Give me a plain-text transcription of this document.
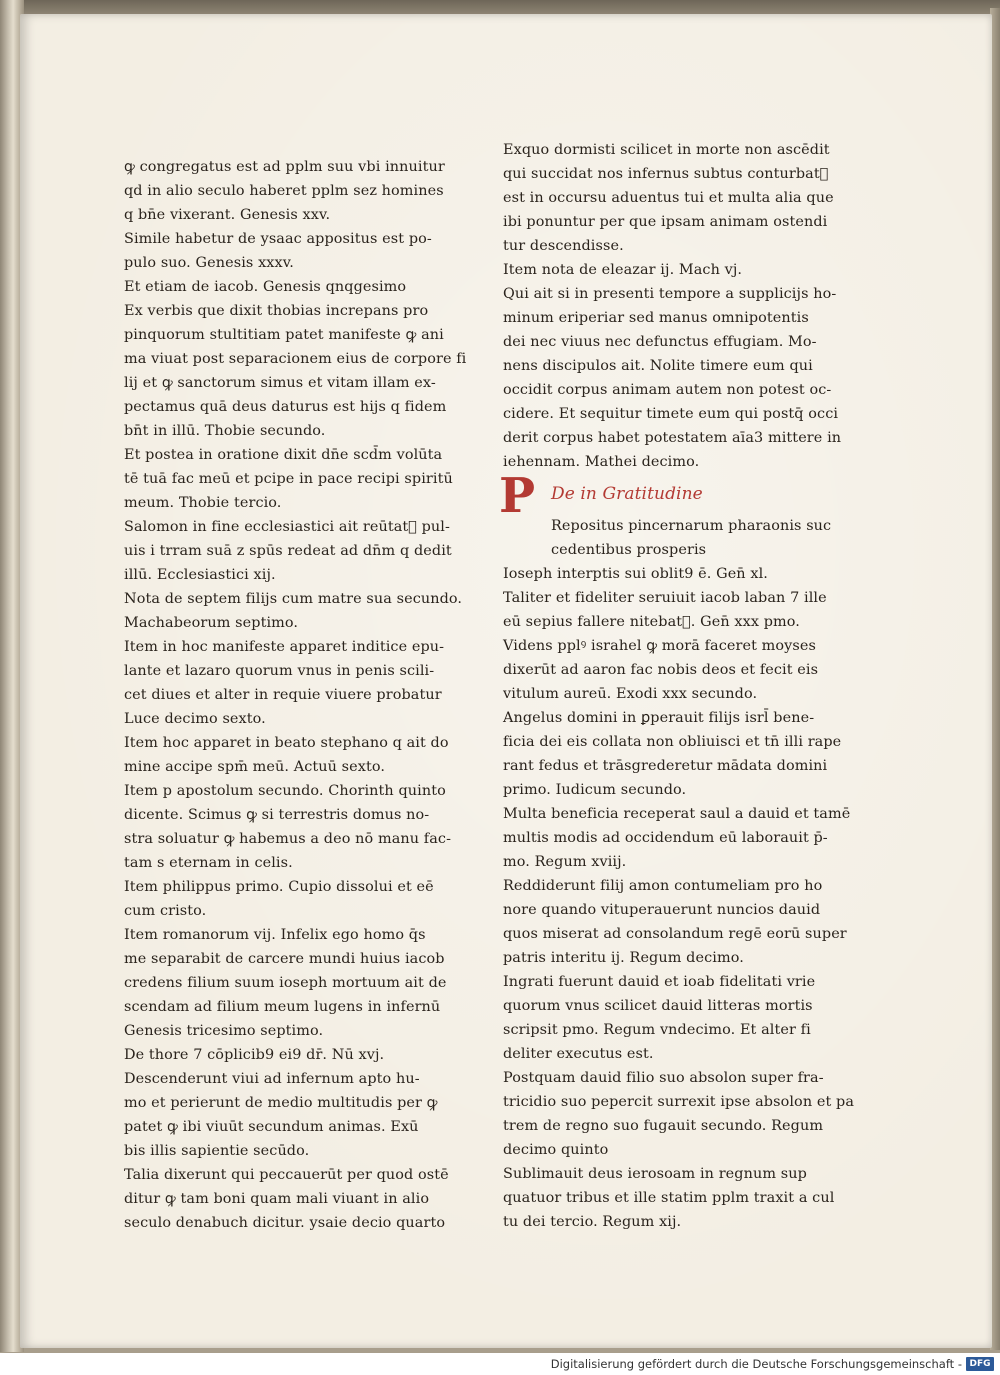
ꝙ congregatus est ad pplm suu vbi innuitur
qd in alio seculo haberet pplm sez homines
q bn̄e vixerant. Genesis xxv.
Simile habetur de ysaac appositus est po-
pulo suo. Genesis xxxv.
Et etiam de iacob. Genesis qnqgesimo
Ex verbis que dixit thobias increpans pro
pinquorum stultitiam patet manifeste ꝙ ani
ma viuat post separacionem eius de corpore fi
lij et ꝙ sanctorum simus et vitam illam ex-
pectamus quā deus daturus est hijs q fidem
bn̄t in illū. Thobie secundo.
Et postea in oratione dixit dn̄e scd̄m volūta
tē tuā fac meū et pcipe in pace recipi spiritū
meum. Thobie tercio.
Salomon in fine ecclesiastici ait reūtat᷑ pul-
uis i trram suā z spūs redeat ad dn̄m q dedit
illū. Ecclesiastici xij.
Nota de septem filijs cum matre sua secundo.
Machabeorum septimo.
Item in hoc manifeste apparet inditice epu-
lante et lazaro quorum vnus in penis scili-
cet diues et alter in requie viuere probatur
Luce decimo sexto.
Item hoc apparet in beato stephano q ait do
mine accipe spm̄ meū. Actuū sexto.
Item p apostolum secundo. Chorinth quinto
dicente. Scimus ꝙ si terrestris domus no-
stra soluatur ꝙ habemus a deo nō manu fac-
tam s eternam in celis.
Item philippus primo. Cupio dissolui et eē
cum cristo.
Item romanorum vij. Infelix ego homo q̄s
me separabit de carcere mundi huius iacob
credens filium suum ioseph mortuum ait de
scendam ad filium meum lugens in infernū
Genesis tricesimo septimo.
De thore 7 cōplicib9 ei9 dr̄. Nū xvj.
Descenderunt viui ad infernum apto hu-
mo et perierunt de medio multitudis per ꝙ
patet ꝙ ibi viuūt secundum animas. Exū
bis illis sapientie secūdo.
Talia dixerunt qui peccauerūt per quod ostē
ditur ꝙ tam boni quam mali viuant in alio
seculo denabuch dicitur. ysaie decio quarto
Exquo dormisti scilicet in morte non ascēdit
qui succidat nos infernus subtus conturbat᷑
est in occursu aduentus tui et multa alia que
ibi ponuntur per que ipsam animam ostendi
tur descendisse.
Item nota de eleazar ij. Mach vj.
Qui ait si in presenti tempore a supplicijs ho-
minum eriperiar sed manus omnipotentis
dei nec viuus nec defunctus effugiam. Mo-
nens discipulos ait. Nolite timere eum qui
occidit corpus animam autem non potest oc-
cidere. Et sequitur timete eum qui postq̄ occi
derit corpus habet potestatem aīa3 mittere in
iehennam. Mathei decimo.
P De in Gratitudine
Repositus pincernarum pharaonis suc
cedentibus prosperis
Ioseph interptis sui oblit9 ē. Gen̄ xl.
Taliter et fideliter seruiuit iacob laban 7 ille
eū sepius fallere nitebat᷑. Gen̄ xxx pmo.
Videns pplꝰ israhel ꝙ morā faceret moyses
dixerūt ad aaron fac nobis deos et fecit eis
vitulum aureū. Exodi xxx secundo.
Angelus domini in ꝑperauit filijs isrl̄ bene-
ficia dei eis collata non obliuisci et tn̄ illi rape
rant fedus et trāsgrederetur mādata domini
primo. Iudicum secundo.
Multa beneficia receperat saul a dauid et tamē
multis modis ad occidendum eū laborauit p̄-
mo. Regum xviij.
Reddiderunt filij amon contumeliam pro ho
nore quando vituperauerunt nuncios dauid
quos miserat ad consolandum regē eorū super
patris interitu ij. Regum decimo.
Ingrati fuerunt dauid et ioab fidelitati vrie
quorum vnus scilicet dauid litteras mortis
scripsit pmo. Regum vndecimo. Et alter fi
deliter executus est.
Postquam dauid filio suo absolon super fra-
tricidio suo pepercit surrexit ipse absolon et pa
trem de regno suo fugauit secundo. Regum
decimo quinto
Sublimauit deus ierosoam in regnum sup
quatuor tribus et ille statim pplm traxit a cul
tu dei tercio. Regum xij.
Digitalisierung gefördert durch die Deutsche Forschungsgemeinschaft - DFG
